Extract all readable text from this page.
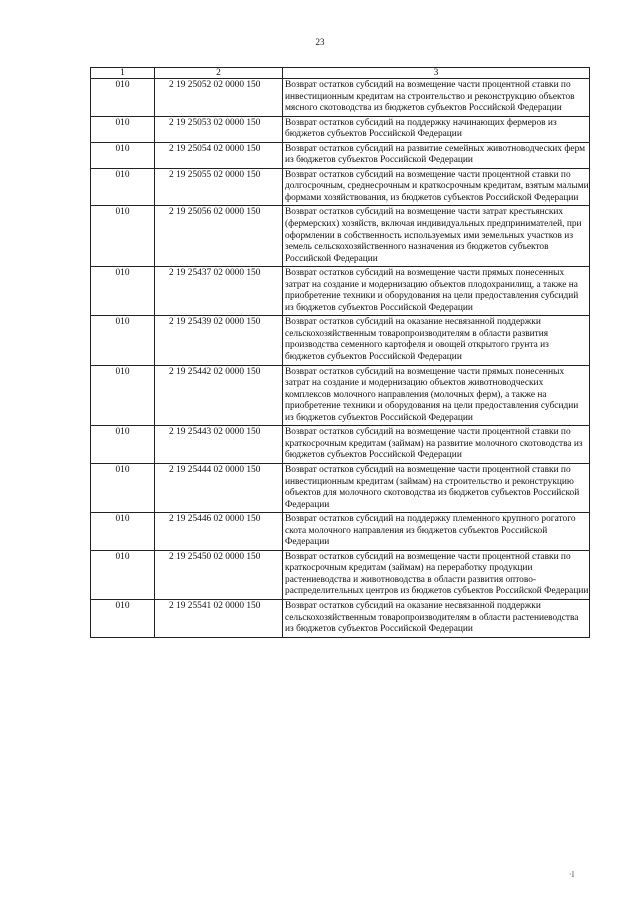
23
1	2	3
010	2 19 25052 02 0000 150	Возврат остатков субсидий на возмещение части процентной ставки по инвестиционным кредитам на строительство и реконструкцию объектов мясного скотоводства из бюджетов субъектов Российской Федерации
010	2 19 25053 02 0000 150	Возврат остатков субсидий на поддержку начинающих фермеров из бюджетов субъектов Российской Федерации
010	2 19 25054 02 0000 150	Возврат остатков субсидий на развитие семейных животноводческих ферм из бюджетов субъектов Российской Федерации
010	2 19 25055 02 0000 150	Возврат остатков субсидий на возмещение части процентной ставки по долгосрочным, среднесрочным и краткосрочным кредитам, взятым малыми формами хозяйствования, из бюджетов субъектов Российской Федерации
010	2 19 25056 02 0000 150	Возврат остатков субсидий на возмещение части затрат крестьянских (фермерских) хозяйств, включая индивидуальных предпринимателей, при оформлении в собственность используемых ими земельных участков из земель сельскохозяйственного назначения из бюджетов субъектов Российской Федерации
010	2 19 25437 02 0000 150	Возврат остатков субсидий на возмещение части прямых понесенных затрат на создание и модернизацию объектов плодохранилищ, а также на приобретение техники и оборудования на цели предоставления субсидий из бюджетов субъектов Российской Федерации
010	2 19 25439 02 0000 150	Возврат остатков субсидий на оказание несвязанной поддержки сельскохозяйственным товаропроизводителям в области развития производства семенного картофеля и овощей открытого грунта из бюджетов субъектов Российской Федерации
010	2 19 25442 02 0000 150	Возврат остатков субсидий на возмещение части прямых понесенных затрат на создание и модернизацию объектов животноводческих комплексов молочного направления (молочных ферм), а также на приобретение техники и оборудования на цели предоставления субсидии из бюджетов субъектов Российской Федерации
010	2 19 25443 02 0000 150	Возврат остатков субсидий на возмещение части процентной ставки по краткосрочным кредитам (займам) на развитие молочного скотоводства из бюджетов субъектов Российской Федерации
010	2 19 25444 02 0000 150	Возврат остатков субсидий на возмещение части процентной ставки по инвестиционным кредитам (займам) на строительство и реконструкцию объектов для молочного скотоводства из бюджетов субъектов Российской Федерации
010	2 19 25446 02 0000 150	Возврат остатков субсидий на поддержку племенного крупного рогатого скота молочного направления из бюджетов субъектов Российской Федерации
010	2 19 25450 02 0000 150	Возврат остатков субсидий на возмещение части процентной ставки по краткосрочным кредитам (займам) на переработку продукции растениеводства и животноводства в области развития оптово-распределительных центров из бюджетов субъектов Российской Федерации
010	2 19 25541 02 0000 150	Возврат остатков субсидий на оказание несвязанной поддержки сельскохозяйственным товаропроизводителям в области растениеводства из бюджетов субъектов Российской Федерации
·I
